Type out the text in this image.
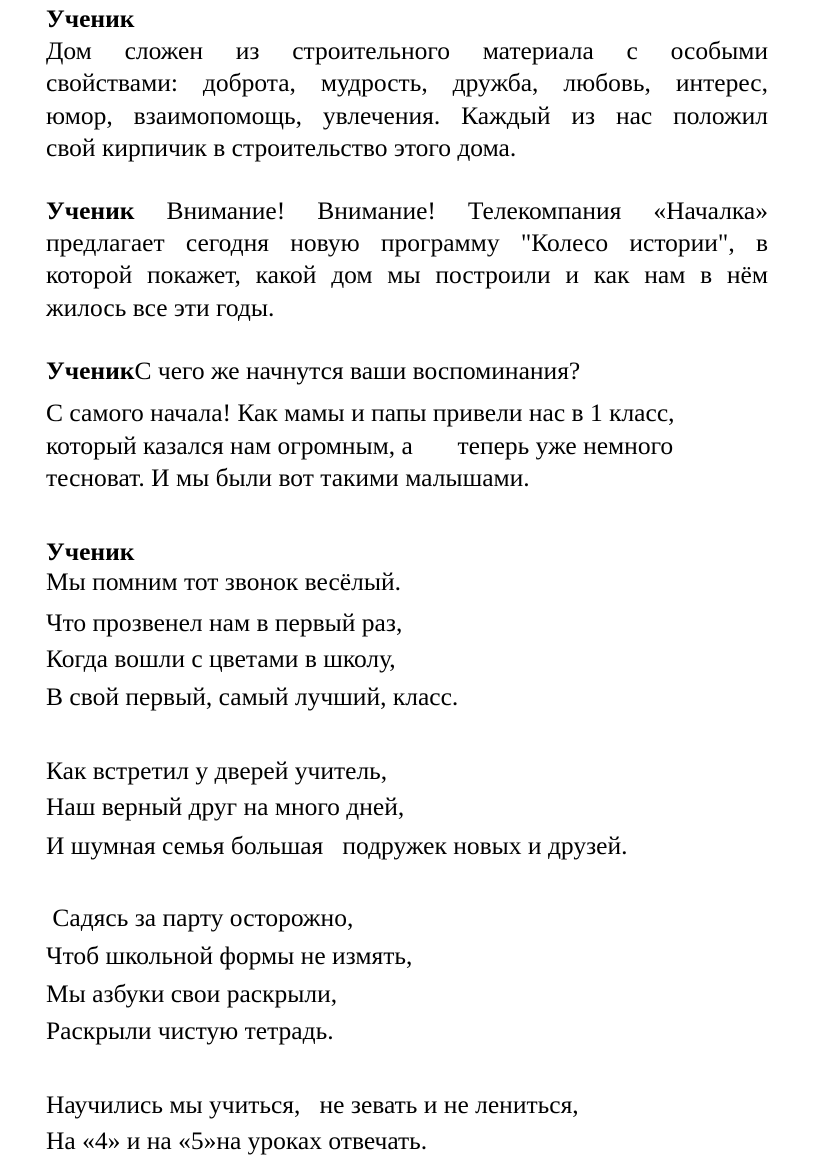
Ученик
Дом сложен из строительного материала с особыми
свойствами: доброта, мудрость, дружба, любовь, интерес,
юмор, взаимопомощь, увлечения. Каждый из нас положил
свой кирпичик в строительство этого дома.
Ученик Внимание! Внимание! Телекомпания «Началка»
предлагает сегодня новую программу "Колесо истории", в
которой покажет, какой дом мы построили и как нам в нём
жилось все эти годы.
УченикС чего же начнутся ваши воспоминания?
С самого начала! Как мамы и папы привели нас в 1 класс,
который казался нам огромным, а       теперь уже немного
тесноват. И мы были вот такими малышами.
Ученик
Мы помним тот звонок весёлый.
Что прозвенел нам в первый раз,
Когда вошли с цветами в школу,
В свой первый, самый лучший, класс.
Как встретил у дверей учитель,
Наш верный друг на много дней,
И шумная семья большая   подружек новых и друзей.
Садясь за парту осторожно,
Чтоб школьной формы не измять,
Мы азбуки свои раскрыли,
Раскрыли чистую тетрадь.
Научились мы учиться,   не зевать и не лениться,
На «4» и на «5»на уроках отвечать.
